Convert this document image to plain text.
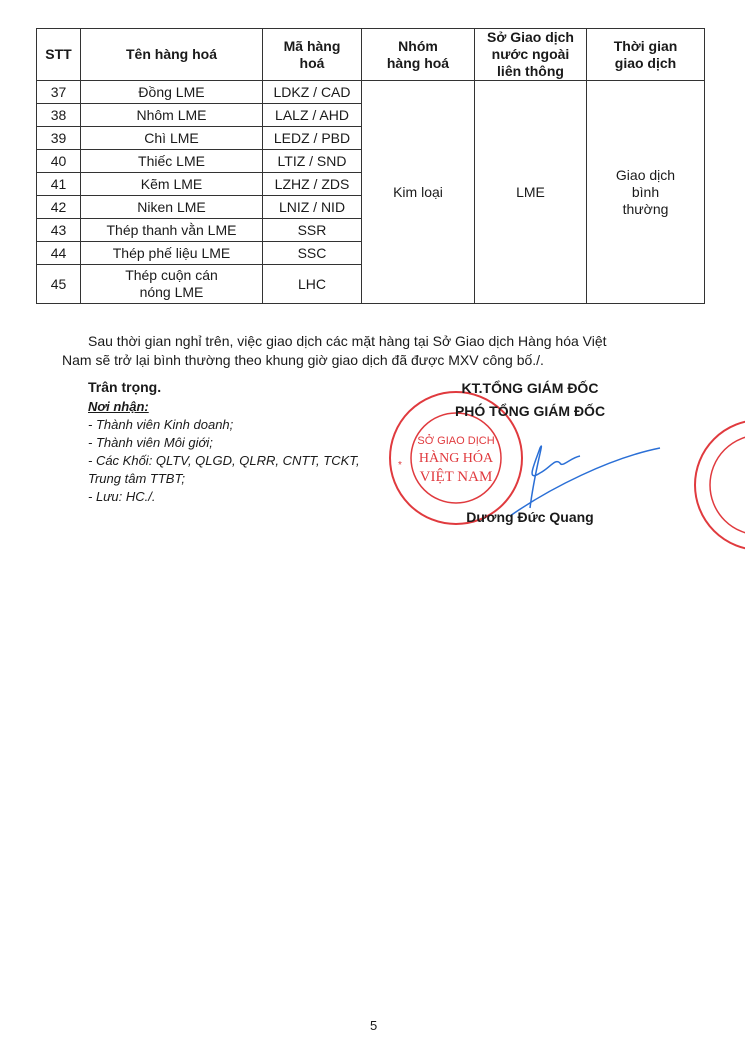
STT	Tên hàng hoá	Mã hàng hoá	Nhóm hàng hoá	Sở Giao dịch nước ngoài liên thông	Thời gian giao dịch
37	Đồng LME	LDKZ / CAD	Kim loại	LME	Giao dịch bình thường
38	Nhôm LME	LALZ / AHD			
39	Chì LME	LEDZ / PBD			
40	Thiếc LME	LTIZ / SND			
41	Kẽm LME	LZHZ / ZDS			
42	Niken LME	LNIZ / NID			
43	Thép thanh vằn LME	SSR			
44	Thép phế liệu LME	SSC			
45	Thép cuộn cán nóng LME	LHC			
Sau thời gian nghỉ trên, việc giao dịch các mặt hàng tại Sở Giao dịch Hàng hóa Việt
Nam sẽ trở lại bình thường theo khung giờ giao dịch đã được MXV công bố./.
Trân trọng.
Nơi nhận:
- Thành viên Kinh doanh;
- Thành viên Môi giới;
- Các Khối: QLTV, QLGD, QLRR, CNTT, TCKT,
Trung tâm TTBT;
- Lưu: HC./.
SỞ GIAO DỊCH
HÀNG HÓA
VIỆT NAM
*
KT.TỔNG GIÁM ĐỐC
PHÓ TỔNG GIÁM ĐỐC
Dương Đức Quang
5
